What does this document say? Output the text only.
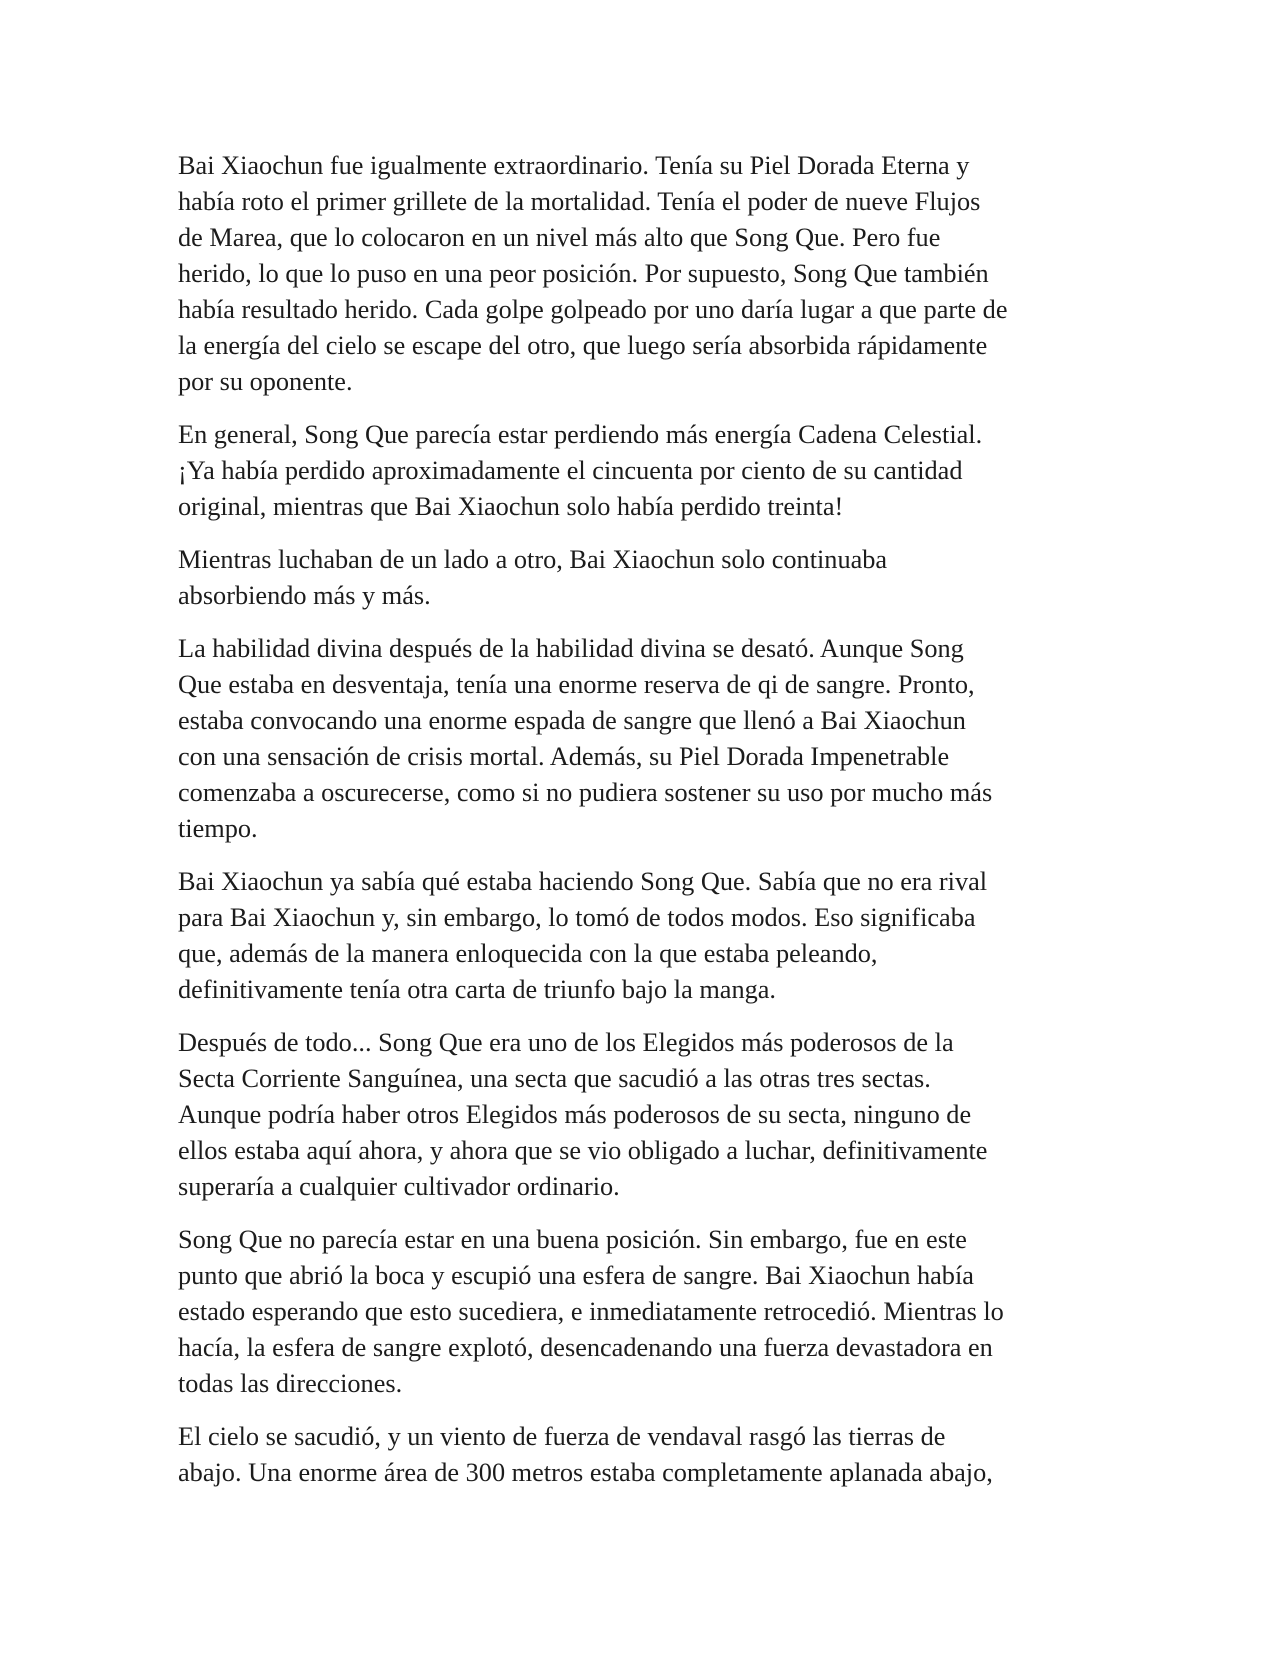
Bai Xiaochun fue igualmente extraordinario. Tenía su Piel Dorada Eterna y
había roto el primer grillete de la mortalidad. Tenía el poder de nueve Flujos
de Marea, que lo colocaron en un nivel más alto que Song Que. Pero fue
herido, lo que lo puso en una peor posición. Por supuesto, Song Que también
había resultado herido. Cada golpe golpeado por uno daría lugar a que parte de
la energía del cielo se escape del otro, que luego sería absorbida rápidamente
por su oponente.

En general, Song Que parecía estar perdiendo más energía Cadena Celestial.
¡Ya había perdido aproximadamente el cincuenta por ciento de su cantidad
original, mientras que Bai Xiaochun solo había perdido treinta!

Mientras luchaban de un lado a otro, Bai Xiaochun solo continuaba
absorbiendo más y más.

La habilidad divina después de la habilidad divina se desató. Aunque Song
Que estaba en desventaja, tenía una enorme reserva de qi de sangre. Pronto,
estaba convocando una enorme espada de sangre que llenó a Bai Xiaochun
con una sensación de crisis mortal. Además, su Piel Dorada Impenetrable
comenzaba a oscurecerse, como si no pudiera sostener su uso por mucho más
tiempo.

Bai Xiaochun ya sabía qué estaba haciendo Song Que. Sabía que no era rival
para Bai Xiaochun y, sin embargo, lo tomó de todos modos. Eso significaba
que, además de la manera enloquecida con la que estaba peleando,
definitivamente tenía otra carta de triunfo bajo la manga.

Después de todo... Song Que era uno de los Elegidos más poderosos de la
Secta Corriente Sanguínea, una secta que sacudió a las otras tres sectas.
Aunque podría haber otros Elegidos más poderosos de su secta, ninguno de
ellos estaba aquí ahora, y ahora que se vio obligado a luchar, definitivamente
superaría a cualquier cultivador ordinario.

Song Que no parecía estar en una buena posición. Sin embargo, fue en este
punto que abrió la boca y escupió una esfera de sangre. Bai Xiaochun había
estado esperando que esto sucediera, e inmediatamente retrocedió. Mientras lo
hacía, la esfera de sangre explotó, desencadenando una fuerza devastadora en
todas las direcciones.

El cielo se sacudió, y un viento de fuerza de vendaval rasgó las tierras de
abajo. Una enorme área de 300 metros estaba completamente aplanada abajo,
